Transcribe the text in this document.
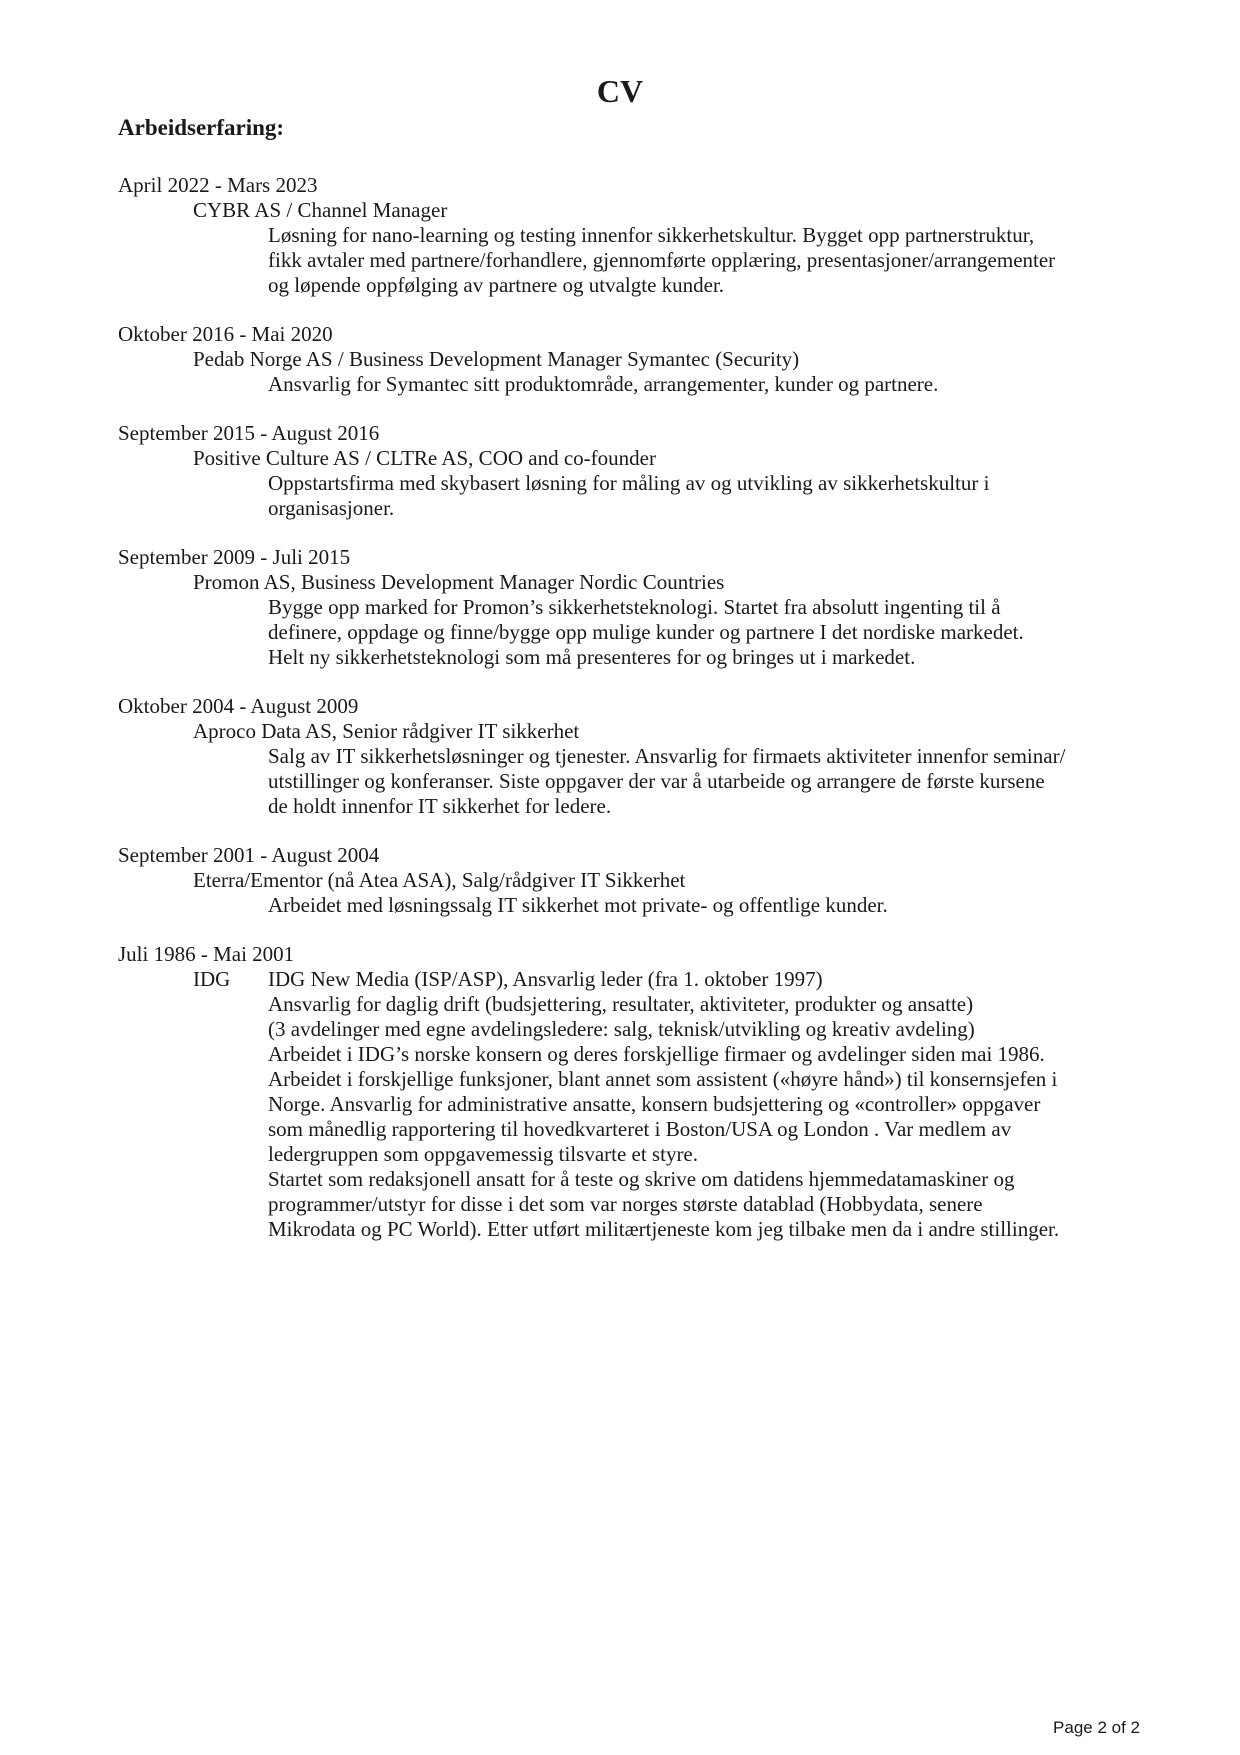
CV
Arbeidserfaring:
April 2022 - Mars 2023
CYBR AS / Channel Manager
Løsning for nano-learning og testing innenfor sikkerhetskultur. Bygget opp partnerstruktur,
fikk avtaler med partnere/forhandlere, gjennomførte opplæring, presentasjoner/arrangementer
og løpende oppfølging av partnere og utvalgte kunder.
Oktober 2016 - Mai 2020
Pedab Norge AS / Business Development Manager Symantec (Security)
Ansvarlig for Symantec sitt produktområde, arrangementer, kunder og partnere.
September 2015 - August 2016
Positive Culture AS / CLTRe AS, COO and co-founder
Oppstartsfirma med skybasert løsning for måling av og utvikling av sikkerhetskultur i
organisasjoner.
September 2009 - Juli 2015
Promon AS, Business Development Manager Nordic Countries
Bygge opp marked for Promon’s sikkerhetsteknologi. Startet fra absolutt ingenting til å
definere, oppdage og finne/bygge opp mulige kunder og partnere I det nordiske markedet.
Helt ny sikkerhetsteknologi som må presenteres for og bringes ut i markedet.
Oktober 2004 - August 2009
Aproco Data AS, Senior rådgiver IT sikkerhet
Salg av IT sikkerhetsløsninger og tjenester. Ansvarlig for firmaets aktiviteter innenfor seminar/
utstillinger og konferanser. Siste oppgaver der var å utarbeide og arrangere de første kursene
de holdt innenfor IT sikkerhet for ledere.
September 2001 - August 2004
Eterra/Ementor (nå Atea ASA), Salg/rådgiver IT Sikkerhet
Arbeidet med løsningssalg IT sikkerhet mot private- og offentlige kunder.
Juli 1986 - Mai 2001
IDG	IDG New Media (ISP/ASP), Ansvarlig leder (fra 1. oktober 1997)
Ansvarlig for daglig drift (budsjettering, resultater, aktiviteter, produkter og ansatte)
(3 avdelinger med egne avdelingsledere: salg, teknisk/utvikling og kreativ avdeling)
Arbeidet i IDG’s norske konsern og deres forskjellige firmaer og avdelinger siden mai 1986.
Arbeidet i forskjellige funksjoner, blant annet som assistent («høyre hånd») til konsernsjefen i
Norge. Ansvarlig for administrative ansatte, konsern budsjettering og «controller» oppgaver
som månedlig rapportering til hovedkvarteret i Boston/USA og London . Var medlem av
ledergruppen som oppgavemessig tilsvarte et styre.
Startet som redaksjonell ansatt for å teste og skrive om datidens hjemmedatamaskiner og
programmer/utstyr for disse i det som var norges største datablad (Hobbydata, senere
Mikrodata og PC World). Etter utført militærtjeneste kom jeg tilbake men da i andre stillinger.
Page 2 of 2
